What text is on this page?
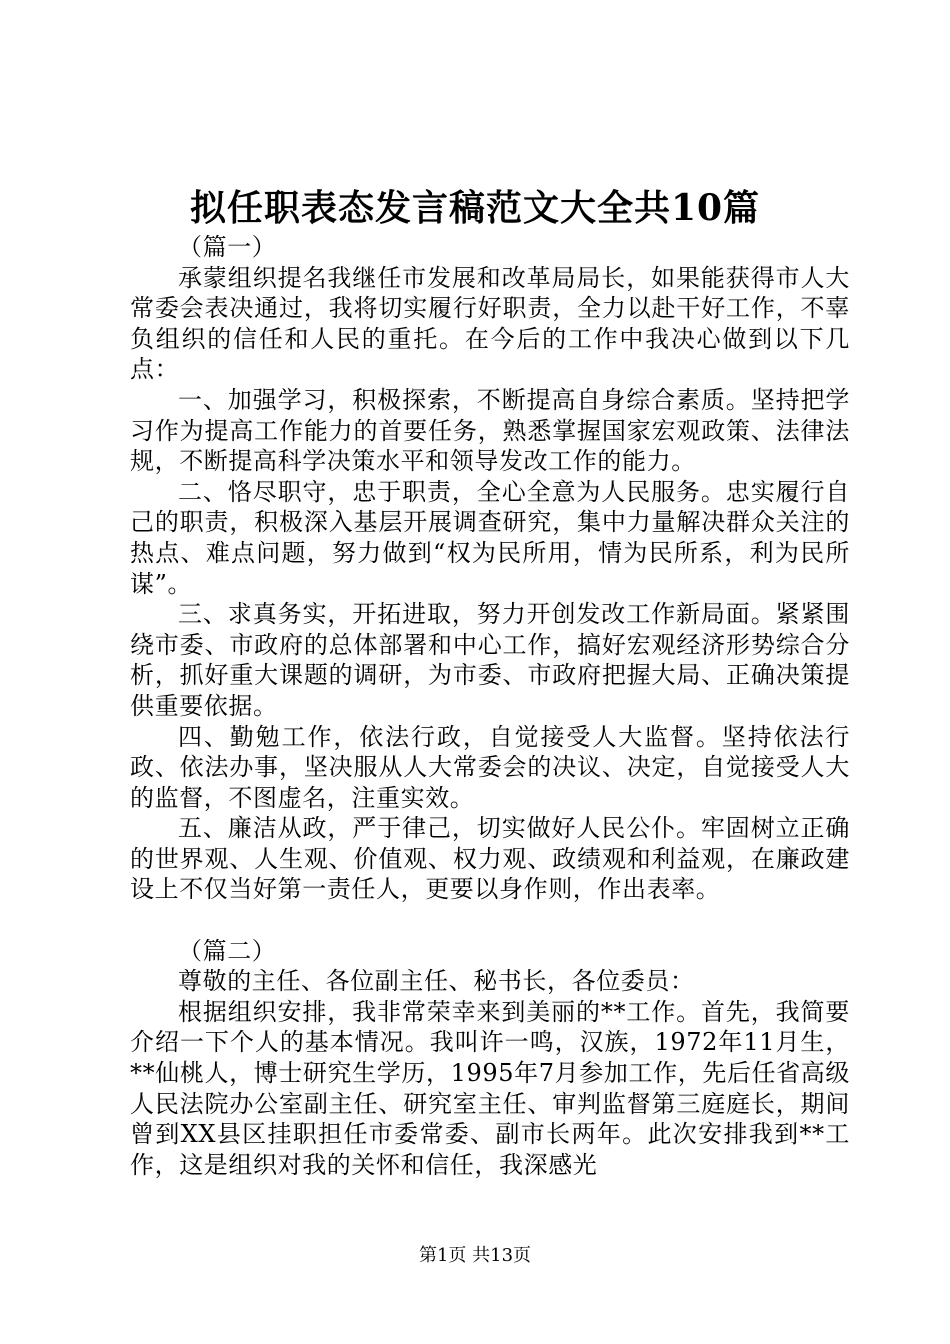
拟任职表态发言稿范文大全共10篇

（篇一）

承蒙组织提名我继任市发展和改革局局长，如果能获得市人大常委会表决通过，我将切实履行好职责，全力以赴干好工作，不辜负组织的信任和人民的重托。在今后的工作中我决心做到以下几点：

一、加强学习，积极探索，不断提高自身综合素质。坚持把学习作为提高工作能力的首要任务，熟悉掌握国家宏观政策、法律法规，不断提高科学决策水平和领导发改工作的能力。

二、恪尽职守，忠于职责，全心全意为人民服务。忠实履行自己的职责，积极深入基层开展调查研究，集中力量解决群众关注的热点、难点问题，努力做到“权为民所用，情为民所系，利为民所谋”。

三、求真务实，开拓进取，努力开创发改工作新局面。紧紧围绕市委、市政府的总体部署和中心工作，搞好宏观经济形势综合分析，抓好重大课题的调研，为市委、市政府把握大局、正确决策提供重要依据。

四、勤勉工作，依法行政，自觉接受人大监督。坚持依法行政、依法办事，坚决服从人大常委会的决议、决定，自觉接受人大的监督，不图虚名，注重实效。

五、廉洁从政，严于律己，切实做好人民公仆。牢固树立正确的世界观、人生观、价值观、权力观、政绩观和利益观，在廉政建设上不仅当好第一责任人，更要以身作则，作出表率。

（篇二）

尊敬的主任、各位副主任、秘书长，各位委员：

根据组织安排，我非常荣幸来到美丽的**工作。首先，我简要介绍一下个人的基本情况。我叫许一鸣，汉族，1972年11月生，**仙桃人，博士研究生学历，1995年7月参加工作，先后任省高级人民法院办公室副主任、研究室主任、审判监督第三庭庭长，期间曾到XX县区挂职担任市委常委、副市长两年。此次安排我到**工作，这是组织对我的关怀和信任，我深感光

第1页 共13页
